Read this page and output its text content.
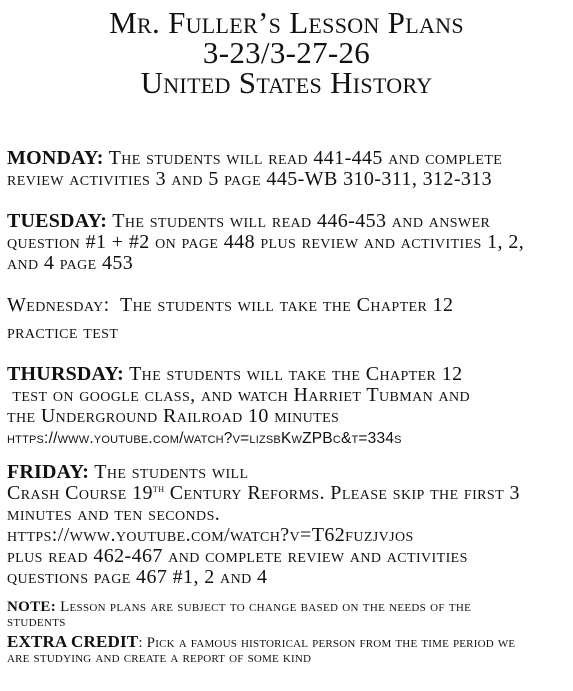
Mr. Fuller’s Lesson Plans
3-23/3-27-26
United States History
MONDAY: The students will read 441-445 and complete
review activities 3 and 5 page 445-WB 310-311, 312-313
TUESDAY: The students will read 446-453 and answer
question #1 + #2 on page 448 plus review and activities 1, 2,
and 4 page 453
Wednesday:  The students will take the Chapter 12
practice test
THURSDAY: The students will take the Chapter 12
test on google class, and watch Harriet Tubman and
the Underground Railroad 10 minutes
https://www.youtube.com/watch?v=lizsbKwZPBc&t=334s
FRIDAY: The students will
Crash Course 19th Century Reforms. Please skip the first 3
minutes and ten seconds.
https://www.youtube.com/watch?v=T62fuzjvjos
plus read 462-467 and complete review and activities
questions page 467 #1, 2 and 4
NOTE: Lesson plans are subject to change based on the needs of the
students
EXTRA CREDIT: Pick a famous historical person from the time period we
are studying and create a report of some kind
